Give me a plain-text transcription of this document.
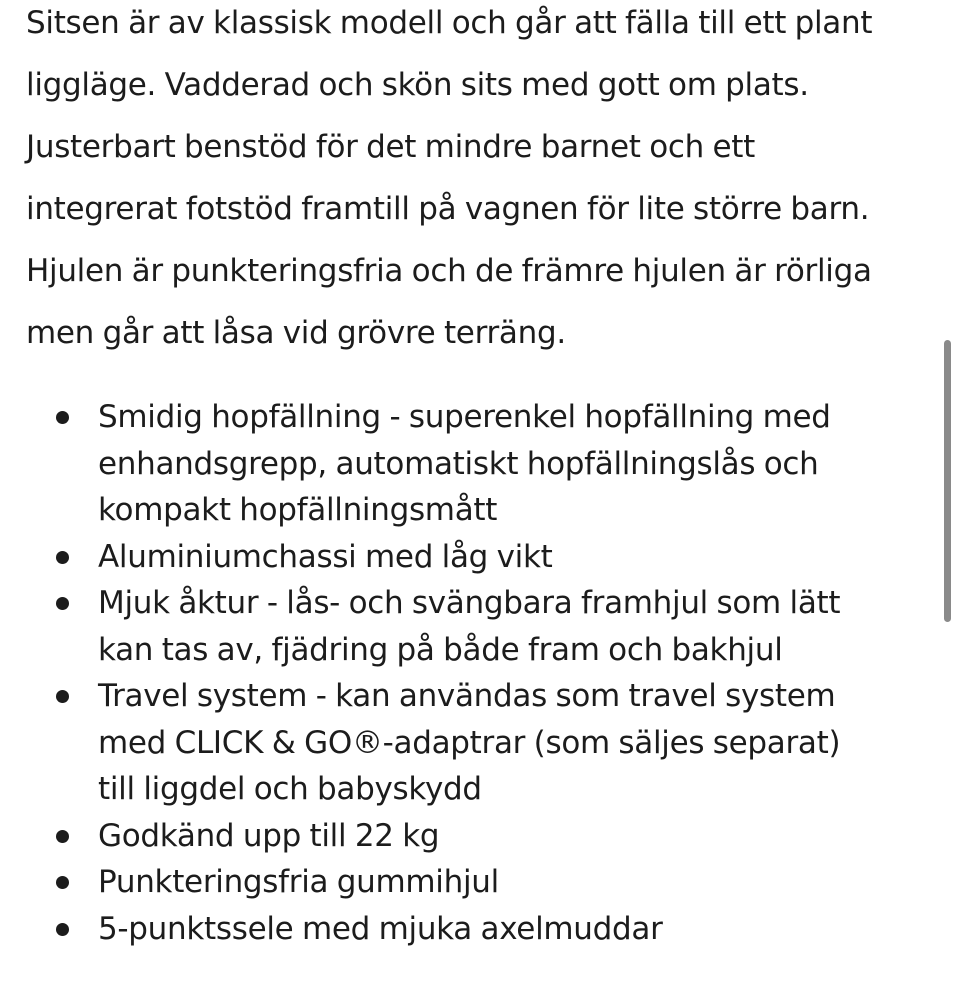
Sitsen är av klassisk modell och går att fälla till ett plant
liggläge. Vadderad och skön sits med gott om plats.
Justerbart benstöd för det mindre barnet och ett
integrerat fotstöd framtill på vagnen för lite större barn.
Hjulen är punkteringsfria och de främre hjulen är rörliga
men går att låsa vid grövre terräng.

Smidig hopfällning - superenkel hopfällning med
enhandsgrepp, automatiskt hopfällningslås och
kompakt hopfällningsmått
Aluminiumchassi med låg vikt
Mjuk åktur - lås- och svängbara framhjul som lätt
kan tas av, fjädring på både fram och bakhjul
Travel system - kan användas som travel system
med CLICK & GO®-adaptrar (som säljes separat)
till liggdel och babyskydd
Godkänd upp till 22 kg
Punkteringsfria gummihjul
5-punktssele med mjuka axelmuddar
